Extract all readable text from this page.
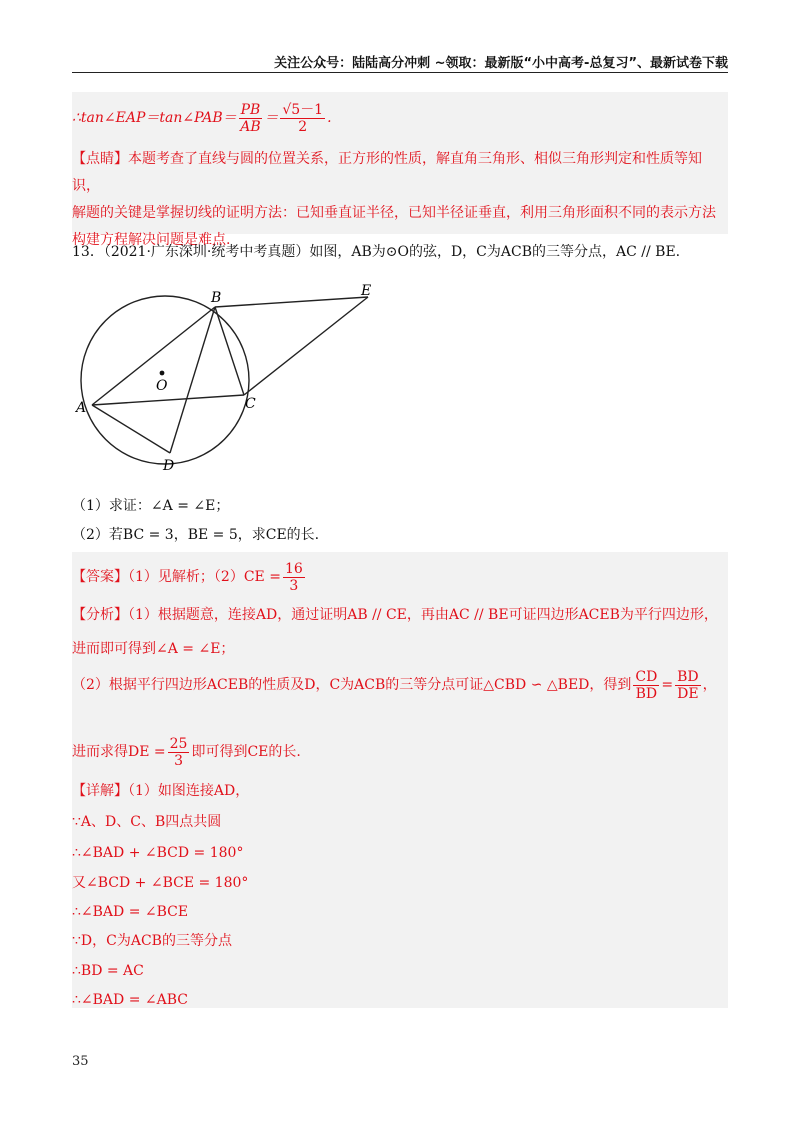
关注公众号：陆陆高分冲刺 ~领取：最新版“小中高考-总复习”、最新试卷下载
∴tan∠EAP＝tan∠PAB＝ $\frac{PB}{AB} = \frac{√5-1}{2}$ .
【点睛】本题考查了直线与圆的位置关系，正方形的性质，解直角三角形、相似三角形判定和性质等知识，
解题的关键是掌握切线的证明方法：已知垂直证半径，已知半径证垂直，利用三角形面积不同的表示方法
构建方程解决问题是难点.
13．（2021·广东深圳·统考中考真题）如图，AB为⊙O的弦，D，C为ACB的三等分点，AC // BE.
A
B
C
D
E
O
（1）求证：∠A = ∠E；
（2）若BC = 3，BE = 5，求CE的长.
【答案】（1）见解析；$(2)CE = \frac{16}{3}$
【分析】（1）根据题意，连接AD，通过证明AB // CE，再由AC // BE可证四边形ACEB为平行四边形，
进而即可得到∠A = ∠E；
（2）根据平行四边形ACEB的性质及D，C为ACB的三等分点可证△CBD ∽ △BED，得到 $\frac{CD}{BD} = \frac{BD}{DE}$ ，
进而求得DE = $\frac{25}{3}$ 即可得到CE的长.
【详解】（1）如图连接AD，
∵A、D、C、B四点共圆
∴∠BAD + ∠BCD = 180°
又∠BCD + ∠BCE = 180°
∴∠BAD = ∠BCE
∵D，C为ACB的三等分点
∴BD = AC
∴∠BAD = ∠ABC
35
